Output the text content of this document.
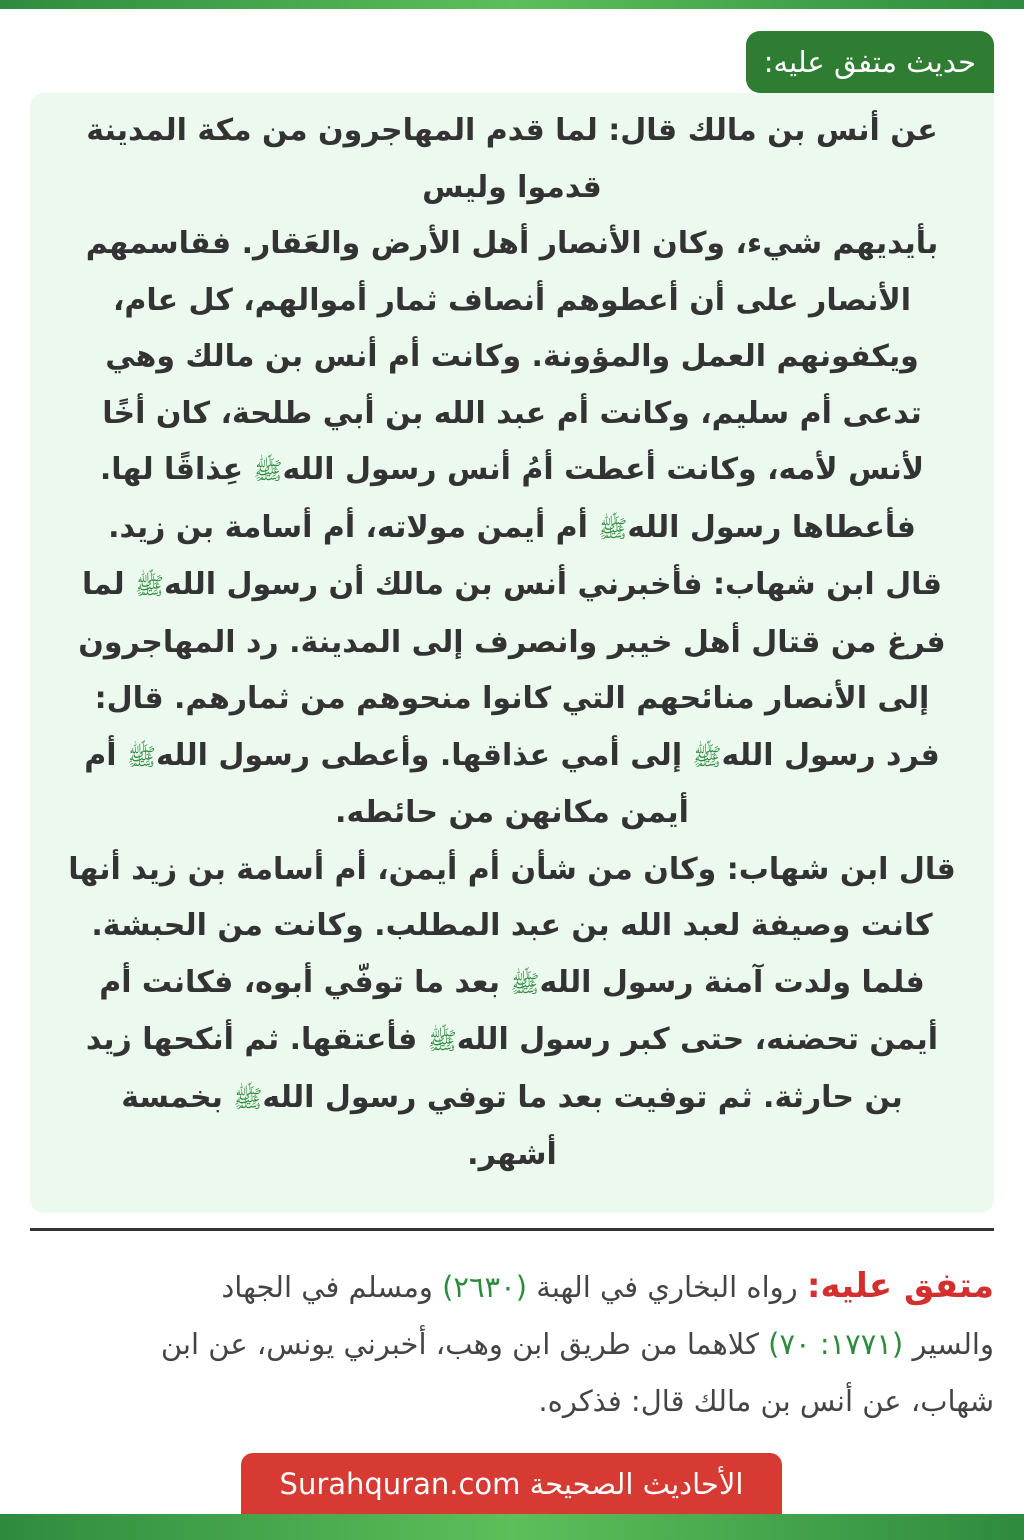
حديث متفق عليه:
عن أنس بن مالك قال: لما قدم المهاجرون من مكة المدينة
قدموا وليس
بأيديهم شيء، وكان الأنصار أهل الأرض والعَقار. فقاسمهم
الأنصار على أن أعطوهم أنصاف ثمار أموالهم، كل عام،
ويكفونهم العمل والمؤونة. وكانت أم أنس بن مالك وهي
تدعى أم سليم، وكانت أم عبد الله بن أبي طلحة، كان أخًا
لأنس لأمه، وكانت أعطت أمُ أنس رسول اللهﷺ عِذاقًا لها.
فأعطاها رسول اللهﷺ أم أيمن مولاته، أم أسامة بن زيد.
قال ابن شهاب: فأخبرني أنس بن مالك أن رسول اللهﷺ لما
فرغ من قتال أهل خيبر وانصرف إلى المدينة. رد المهاجرون
إلى الأنصار منائحهم التي كانوا منحوهم من ثمارهم. قال:
فرد رسول اللهﷺ إلى أمي عذاقها. وأعطى رسول اللهﷺ أم
أيمن مكانهن من حائطه.
قال ابن شهاب: وكان من شأن أم أيمن، أم أسامة بن زيد أنها
كانت وصيفة لعبد الله بن عبد المطلب. وكانت من الحبشة.
فلما ولدت آمنة رسول اللهﷺ بعد ما توفّي أبوه، فكانت أم
أيمن تحضنه، حتى كبر رسول اللهﷺ فأعتقها. ثم أنكحها زيد
بن حارثة. ثم توفيت بعد ما توفي رسول اللهﷺ بخمسة
أشهر.
متفق عليه: رواه البخاري في الهبة (٢٦٣٠) ومسلم في الجهاد
والسير (١٧٧١: ٧٠) كلاهما من طريق ابن وهب، أخبرني يونس، عن ابن
شهاب، عن أنس بن مالك قال: فذكره.
الأحاديث الصحيحة Surahquran.com
